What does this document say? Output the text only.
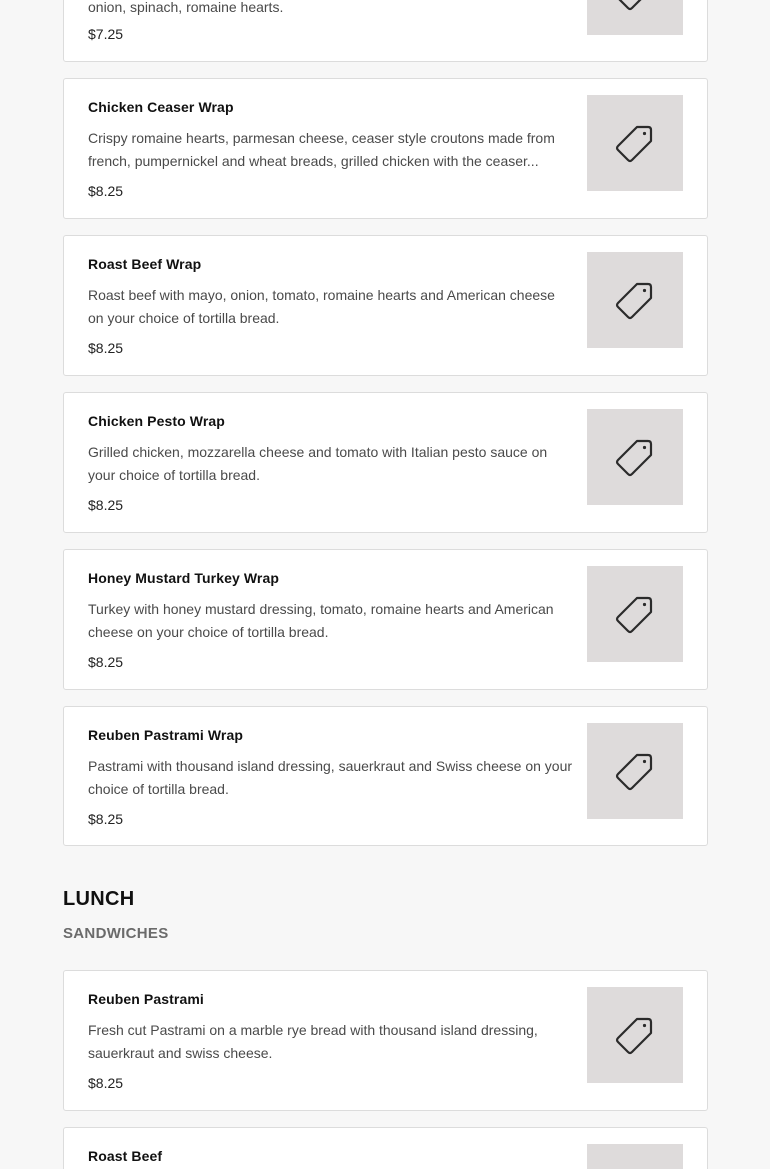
onion, spinach, romaine hearts.
$7.25
Chicken Ceaser Wrap

Crispy romaine hearts, parmesan cheese, ceaser style croutons made from french, pumpernickel and wheat breads, grilled chicken with the ceaser...

$8.25
Roast Beef Wrap

Roast beef with mayo, onion, tomato, romaine hearts and American cheese on your choice of tortilla bread.

$8.25
Chicken Pesto Wrap

Grilled chicken, mozzarella cheese and tomato with Italian pesto sauce on your choice of tortilla bread.

$8.25
Honey Mustard Turkey Wrap

Turkey with honey mustard dressing, tomato, romaine hearts and American cheese on your choice of tortilla bread.

$8.25
Reuben Pastrami Wrap

Pastrami with thousand island dressing, sauerkraut and Swiss cheese on your choice of tortilla bread.

$8.25
LUNCH
SANDWICHES
Reuben Pastrami

Fresh cut Pastrami on a marble rye bread with thousand island dressing, sauerkraut and swiss cheese.

$8.25
Roast Beef
